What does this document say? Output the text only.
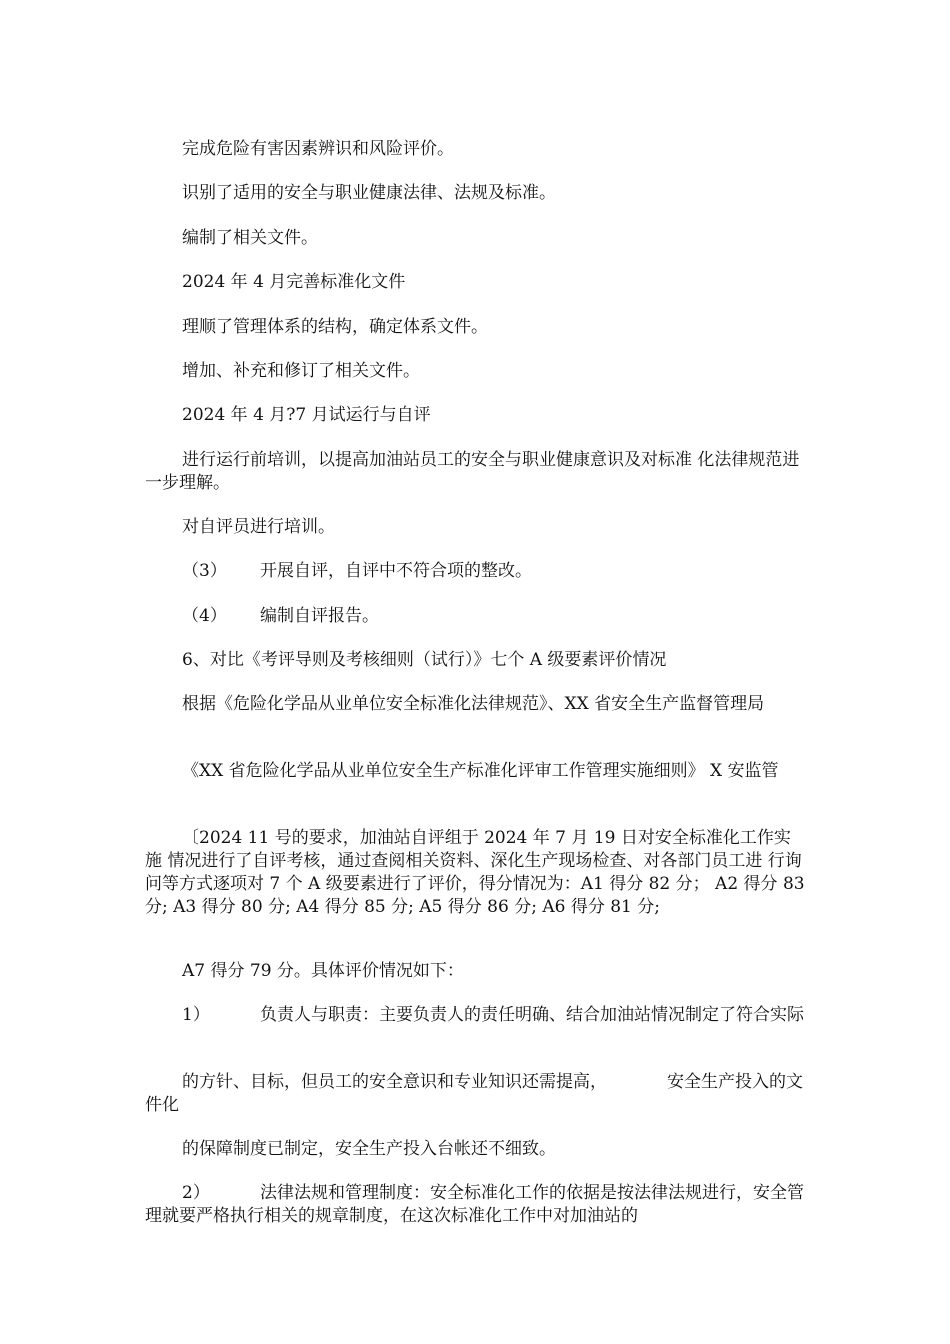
完成危险有害因素辨识和风险评价。
识别了适用的安全与职业健康法律、法规及标准。
编制了相关文件。
2024 年 4 月完善标准化文件
理顺了管理体系的结构，确定体系文件。
增加、补充和修订了相关文件。
2024 年 4 月?7 月试运行与自评
进行运行前培训，以提高加油站员工的安全与职业健康意识及对标准 化法律规范进一步理解。
对自评员进行培训。
（3） 开展自评，自评中不符合项的整改。
（4） 编制自评报告。
6、对比《考评导则及考核细则（试行）》七个 A 级要素评价情况
根据《危险化学品从业单位安全标准化法律规范》、XX 省安全生产监督管理局
《XX 省危险化学品从业单位安全生产标准化评审工作管理实施细则》 X 安监管
〔2024 11 号的要求，加油站自评组于 2024 年 7 月 19 日对安全标准化工作实施 情况进行了自评考核，通过查阅相关资料、深化生产现场检查、对各部门员工进 行询问等方式逐项对 7 个 A 级要素进行了评价，得分情况为：A1 得分 82 分； A2 得分 83 分; A3 得分 80 分; A4 得分 85 分; A5 得分 86 分; A6 得分 81 分;
A7 得分 79 分。具体评价情况如下：
1）	负责人与职责：主要负责人的责任明确、结合加油站情况制定了符合实际
的方针、目标，但员工的安全意识和专业知识还需提高，	安全生产投入的文件化
的保障制度已制定，安全生产投入台帐还不细致。
2）	法律法规和管理制度：安全标准化工作的依据是按法律法规进行，安全管 理就要严格执行相关的规章制度，在这次标准化工作中对加油站的
